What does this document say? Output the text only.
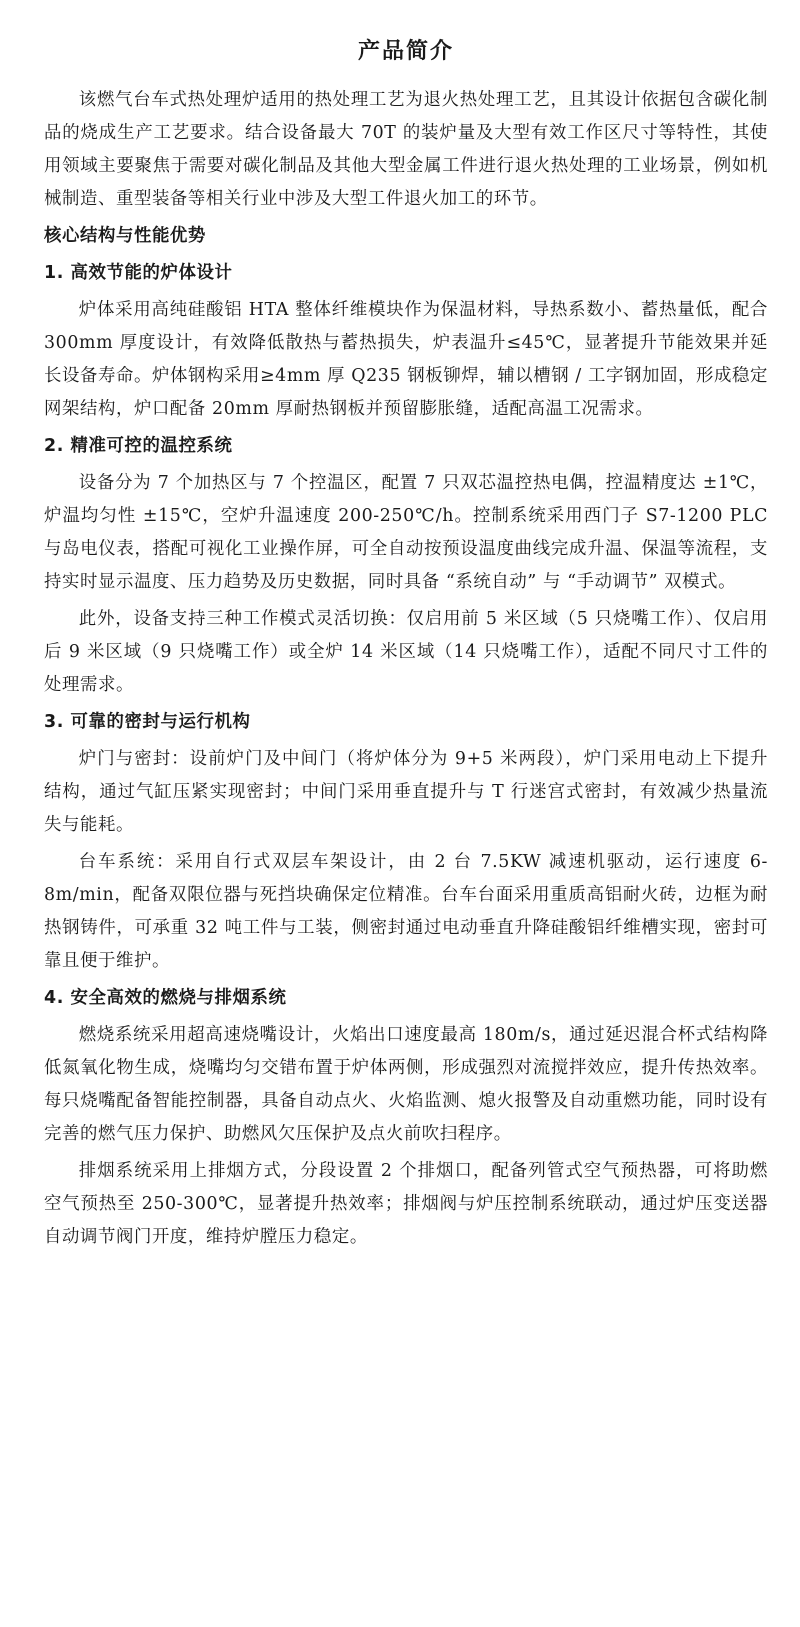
产品简介

该燃气台车式热处理炉适用的热处理工艺为退火热处理工艺，且其设计依据包含碳化制品的烧成生产工艺要求。结合设备最大 70T 的装炉量及大型有效工作区尺寸等特性，其使用领域主要聚焦于需要对碳化制品及其他大型金属工件进行退火热处理的工业场景，例如机械制造、重型装备等相关行业中涉及大型工件退火加工的环节。

核心结构与性能优势
1. 高效节能的炉体设计

炉体采用高纯硅酸铝 HTA 整体纤维模块作为保温材料，导热系数小、蓄热量低，配合 300mm 厚度设计，有效降低散热与蓄热损失，炉表温升≤45℃，显著提升节能效果并延长设备寿命。炉体钢构采用≥4mm 厚 Q235 钢板铆焊，辅以槽钢 / 工字钢加固，形成稳定网架结构，炉口配备 20mm 厚耐热钢板并预留膨胀缝，适配高温工况需求。

2. 精准可控的温控系统

设备分为 7 个加热区与 7 个控温区，配置 7 只双芯温控热电偶，控温精度达 ±1℃，炉温均匀性 ±15℃，空炉升温速度 200-250℃/h。控制系统采用西门子 S7-1200 PLC 与岛电仪表，搭配可视化工业操作屏，可全自动按预设温度曲线完成升温、保温等流程，支持实时显示温度、压力趋势及历史数据，同时具备 “系统自动” 与 “手动调节” 双模式。

此外，设备支持三种工作模式灵活切换：仅启用前 5 米区域（5 只烧嘴工作）、仅启用后 9 米区域（9 只烧嘴工作）或全炉 14 米区域（14 只烧嘴工作），适配不同尺寸工件的处理需求。

3. 可靠的密封与运行机构

炉门与密封：设前炉门及中间门（将炉体分为 9+5 米两段），炉门采用电动上下提升结构，通过气缸压紧实现密封；中间门采用垂直提升与 T 行迷宫式密封，有效减少热量流失与能耗。

台车系统：采用自行式双层车架设计，由 2 台 7.5KW 减速机驱动，运行速度 6-8m/min，配备双限位器与死挡块确保定位精准。台车台面采用重质高铝耐火砖，边框为耐热钢铸件，可承重 32 吨工件与工装，侧密封通过电动垂直升降硅酸铝纤维槽实现，密封可靠且便于维护。

4. 安全高效的燃烧与排烟系统

燃烧系统采用超高速烧嘴设计，火焰出口速度最高 180m/s，通过延迟混合杯式结构降低氮氧化物生成，烧嘴均匀交错布置于炉体两侧，形成强烈对流搅拌效应，提升传热效率。每只烧嘴配备智能控制器，具备自动点火、火焰监测、熄火报警及自动重燃功能，同时设有完善的燃气压力保护、助燃风欠压保护及点火前吹扫程序。

排烟系统采用上排烟方式，分段设置 2 个排烟口，配备列管式空气预热器，可将助燃空气预热至 250-300℃，显著提升热效率；排烟阀与炉压控制系统联动，通过炉压变送器自动调节阀门开度，维持炉膛压力稳定。
